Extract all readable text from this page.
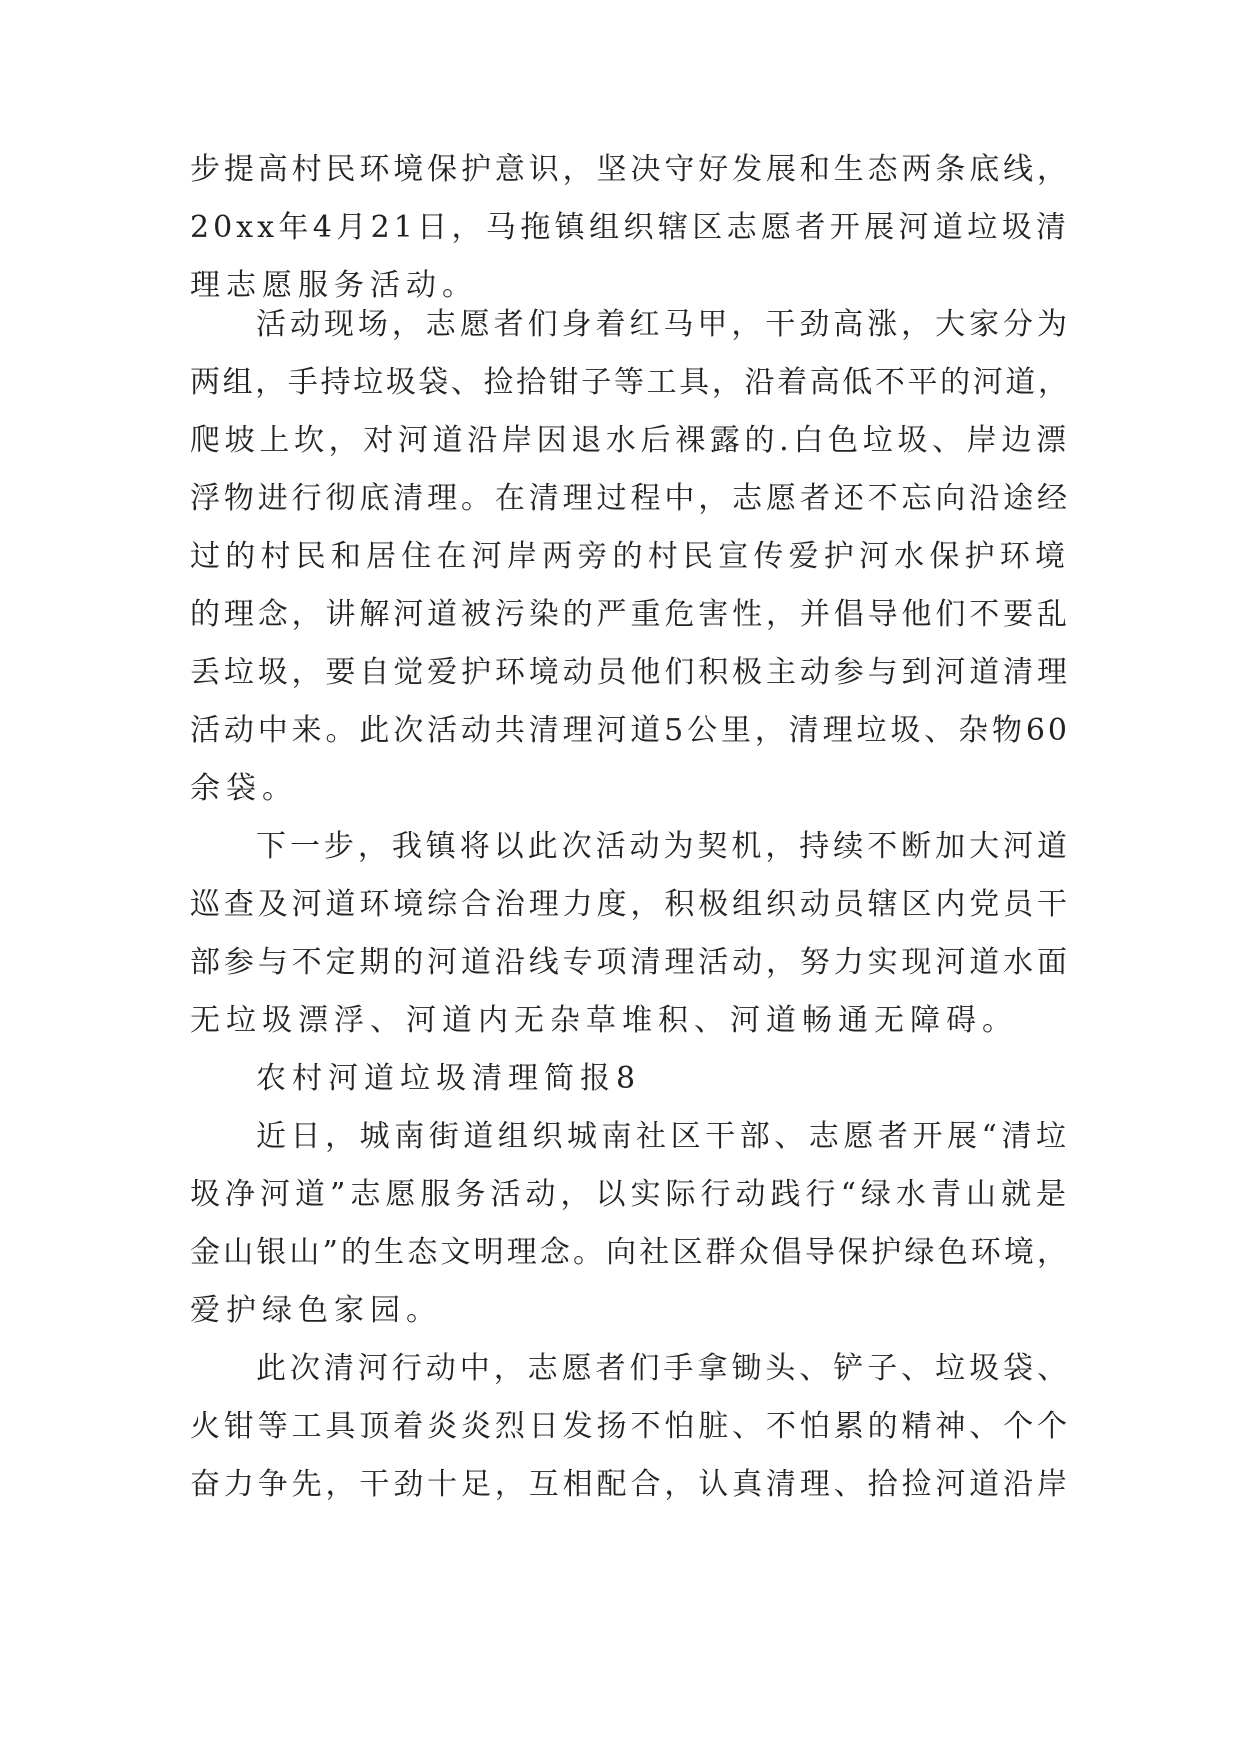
步提高村民环境保护意识，坚决守好发展和生态两条底线，
20xx年4月21日，马拖镇组织辖区志愿者开展河道垃圾清
理志愿服务活动。
活动现场，志愿者们身着红马甲，干劲高涨，大家分为
两组，手持垃圾袋、捡拾钳子等工具，沿着高低不平的河道，
爬坡上坎，对河道沿岸因退水后裸露的.白色垃圾、岸边漂
浮物进行彻底清理。在清理过程中，志愿者还不忘向沿途经
过的村民和居住在河岸两旁的村民宣传爱护河水保护环境
的理念，讲解河道被污染的严重危害性，并倡导他们不要乱
丢垃圾，要自觉爱护环境动员他们积极主动参与到河道清理
活动中来。此次活动共清理河道5公里，清理垃圾、杂物60
余袋。
下一步，我镇将以此次活动为契机，持续不断加大河道
巡查及河道环境综合治理力度，积极组织动员辖区内党员干
部参与不定期的河道沿线专项清理活动，努力实现河道水面
无垃圾漂浮、河道内无杂草堆积、河道畅通无障碍。
农村河道垃圾清理简报8
近日，城南街道组织城南社区干部、志愿者开展“清垃
圾净河道”志愿服务活动，以实际行动践行“绿水青山就是
金山银山”的生态文明理念。向社区群众倡导保护绿色环境，
爱护绿色家园。
此次清河行动中，志愿者们手拿锄头、铲子、垃圾袋、
火钳等工具顶着炎炎烈日发扬不怕脏、不怕累的精神、个个
奋力争先，干劲十足，互相配合，认真清理、拾捡河道沿岸
